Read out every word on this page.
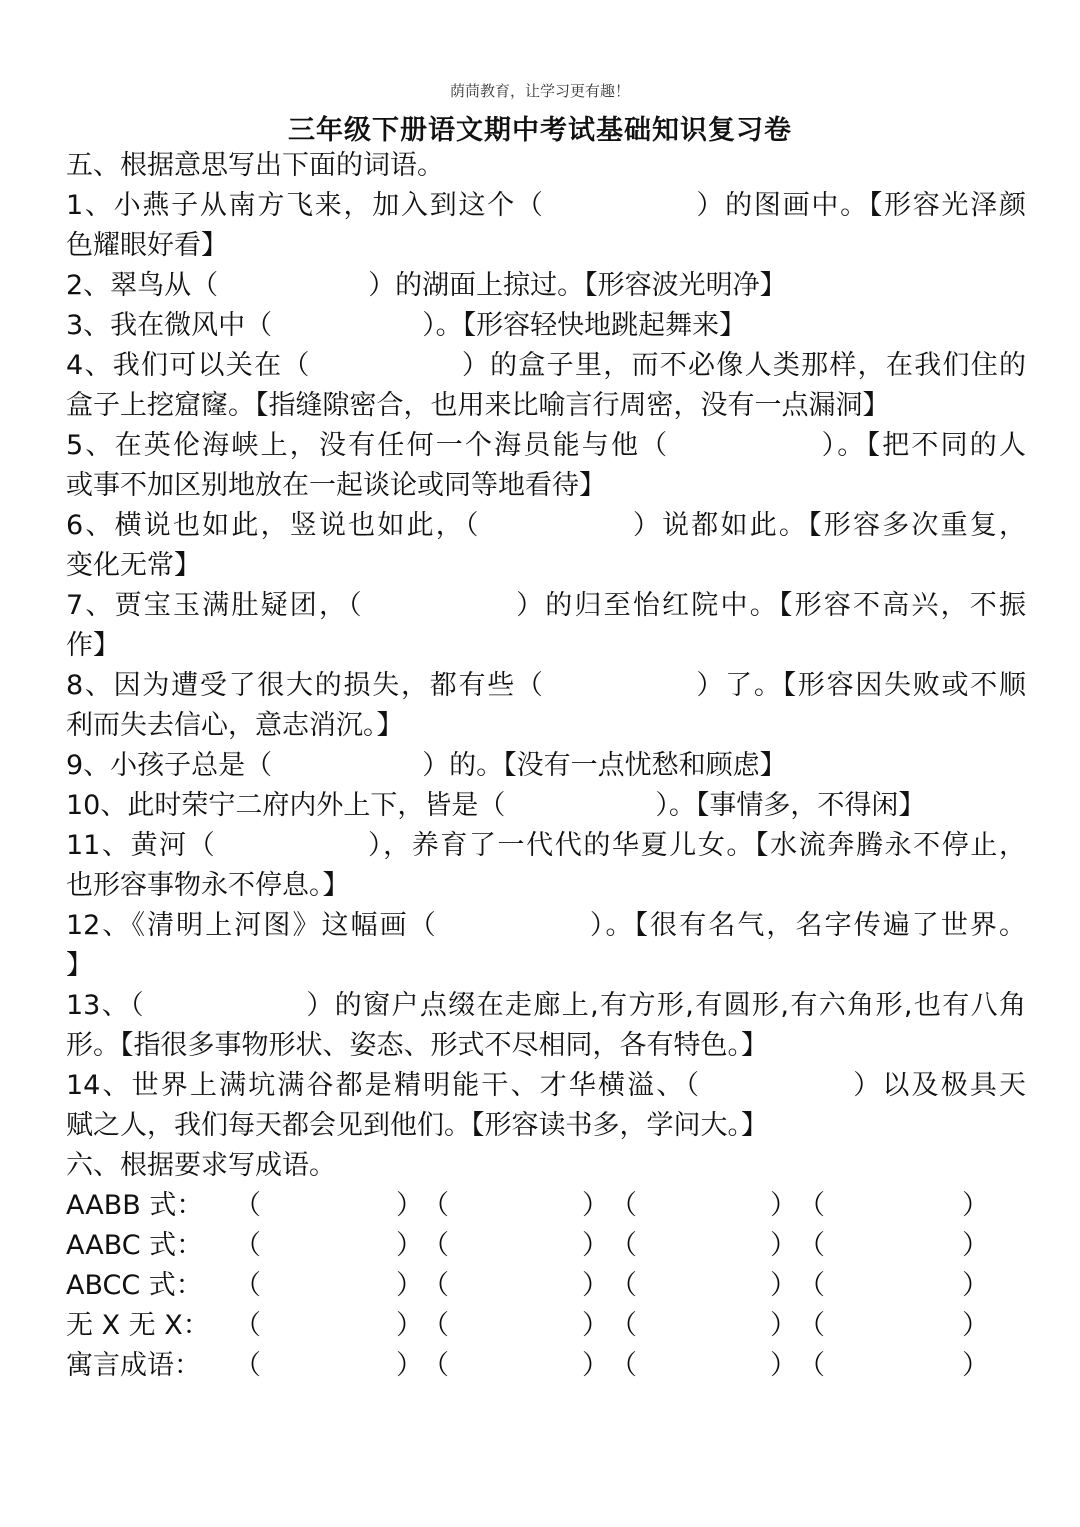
荫茼教育，让学习更有趣！
三年级下册语文期中考试基础知识复习卷
五、根据意思写出下面的词语。
1、小燕子从南方飞来，加入到这个（	）的图画中。【形容光泽颜
色耀眼好看】
2、翠鸟从（	）的湖面上掠过。【形容波光明净】
3、我在微风中（	）。【形容轻快地跳起舞来】
4、我们可以关在（	）的盒子里，而不必像人类那样，在我们住的
盒子上挖窟窿。【指缝隙密合，也用来比喻言行周密，没有一点漏洞】
5、在英伦海峡上，没有任何一个海员能与他（	）。【把不同的人
或事不加区别地放在一起谈论或同等地看待】
6、横说也如此，竖说也如此，（	）说都如此。【形容多次重复，
变化无常】
7、贾宝玉满肚疑团，（	）的归至怡红院中。【形容不高兴，不振
作】
8、因为遭受了很大的损失，都有些（	）了。【形容因失败或不顺
利而失去信心，意志消沉。】
9、小孩子总是（	）的。【没有一点忧愁和顾虑】
10、此时荣宁二府内外上下，皆是（	）。【事情多，不得闲】
11、黄河（	），养育了一代代的华夏儿女。【水流奔腾永不停止，
也形容事物永不停息。】
12、《清明上河图》这幅画（	）。【很有名气，名字传遍了世界。
】
13、（	）的窗户点缀在走廊上,有方形,有圆形,有六角形,也有八角
形。【指很多事物形状、姿态、形式不尽相同，各有特色。】
14、世界上满坑满谷都是精明能干、才华横溢、（	）以及极具天
赋之人，我们每天都会见到他们。【形容读书多，学问大。】
六、根据要求写成语。
AABB 式： （	） （	） （	） （	）
AABC 式： （	） （	） （	） （	）
ABCC 式： （	） （	） （	） （	）
无 X 无 X： （	） （	） （	） （	）
寓言成语： （	） （	） （	） （	）
